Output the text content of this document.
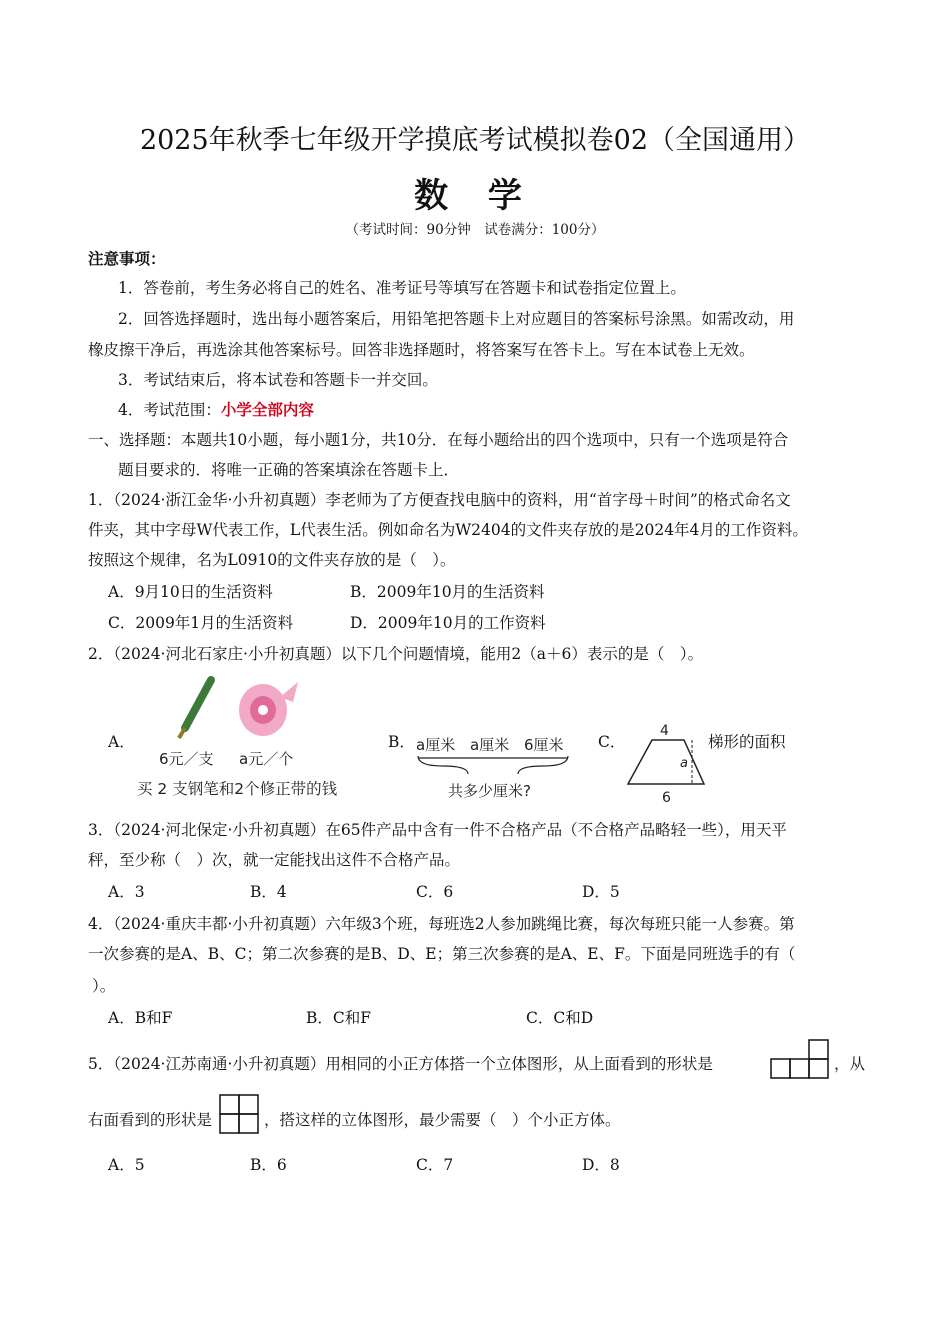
2025年秋季七年级开学摸底考试模拟卷02（全国通用）
数 学
（考试时间：90分钟　试卷满分：100分）
注意事项：
1．答卷前，考生务必将自己的姓名、准考证号等填写在答题卡和试卷指定位置上。
2．回答选择题时，选出每小题答案后，用铅笔把答题卡上对应题目的答案标号涂黑。如需改动，用
橡皮擦干净后，再选涂其他答案标号。回答非选择题时，将答案写在答卡上。写在本试卷上无效。
3．考试结束后，将本试卷和答题卡一并交回。
4．考试范围：小学全部内容
一、选择题：本题共10小题，每小题1分，共10分．在每小题给出的四个选项中，只有一个选项是符合
题目要求的．将唯一正确的答案填涂在答题卡上．
1．（2024·浙江金华·小升初真题）李老师为了方便查找电脑中的资料，用“首字母＋时间”的格式命名文
件夹，其中字母W代表工作，L代表生活。例如命名为W2404的文件夹存放的是2024年4月的工作资料。
按照这个规律，名为L0910的文件夹存放的是（　）。
A．9月10日的生活资料	B．2009年10月的生活资料
C．2009年1月的生活资料	D．2009年10月的工作资料
2．（2024·河北石家庄·小升初真题）以下几个问题情境，能用2（a＋6）表示的是（　）。
A．
6元／支 a元／个
买 2 支钢笔和2个修正带的钱
B． a厘米 a厘米 6厘米
共多少厘米?
C．
4
a
6
梯形的面积
3．（2024·河北保定·小升初真题）在65件产品中含有一件不合格产品（不合格产品略轻一些），用天平
秤，至少称（　）次，就一定能找出这件不合格产品。
A．3	B．4	C．6	D．5
4．（2024·重庆丰都·小升初真题）六年级3个班，每班选2人参加跳绳比赛，每次每班只能一人参赛。第
一次参赛的是A、B、C；第二次参赛的是B、D、E；第三次参赛的是A、E、F。下面是同班选手的有（
）。
A．B和F	B．C和F	C．C和D
5．（2024·江苏南通·小升初真题）用相同的小正方体搭一个立体图形，从上面看到的形状是	，从
右面看到的形状是	，搭这样的立体图形，最少需要（　）个小正方体。
A．5	B．6	C．7	D．8
